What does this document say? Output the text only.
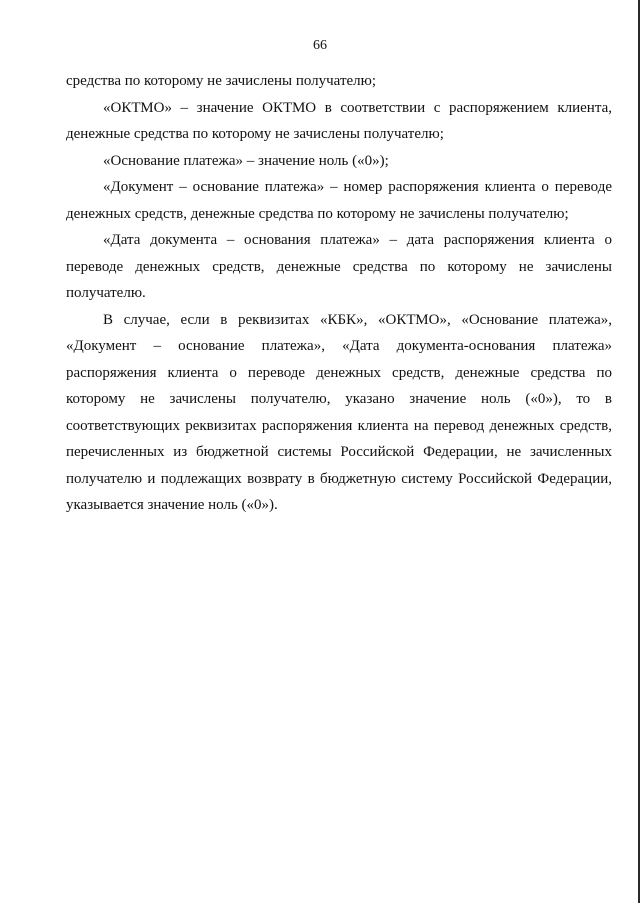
66

средства по которому не зачислены получателю;

«ОКТМО» – значение ОКТМО в соответствии с распоряжением клиента, денежные средства по которому не зачислены получателю;

«Основание платежа» – значение ноль («0»);

«Документ – основание платежа» – номер распоряжения клиента о переводе денежных средств, денежные средства по которому не зачислены получателю;

«Дата документа – основания платежа» – дата распоряжения клиента о переводе денежных средств, денежные средства по которому не зачислены получателю.

В случае, если в реквизитах «КБК», «ОКТМО», «Основание платежа», «Документ – основание платежа», «Дата документа-основания платежа» распоряжения клиента о переводе денежных средств, денежные средства по которому не зачислены получателю, указано значение ноль («0»), то в соответствующих реквизитах распоряжения клиента на перевод денежных средств, перечисленных из бюджетной системы Российской Федерации, не зачисленных получателю и подлежащих возврату в бюджетную систему Российской Федерации, указывается значение ноль («0»).
